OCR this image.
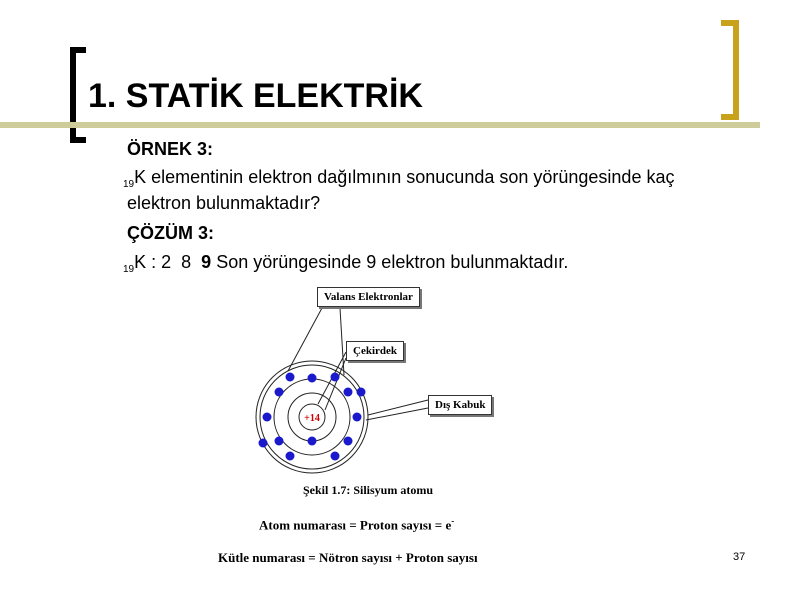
1. STATİK ELEKTRİK
ÖRNEK 3:
$_{19}$K elementinin elektron dağılmının sonucunda son yörüngesinde kaç
elektron bulunmaktadır?
ÇÖZÜM 3:
$_{19}$K : 2  8  9 Son yörüngesinde 9 elektron bulunmaktadır.
+14
Valans Elektronlar
Çekirdek
Dış Kabuk
Şekil 1.7: Silisyum atomu
Atom numarası = Proton sayısı = e-
Kütle numarası = Nötron sayısı + Proton sayısı	37
